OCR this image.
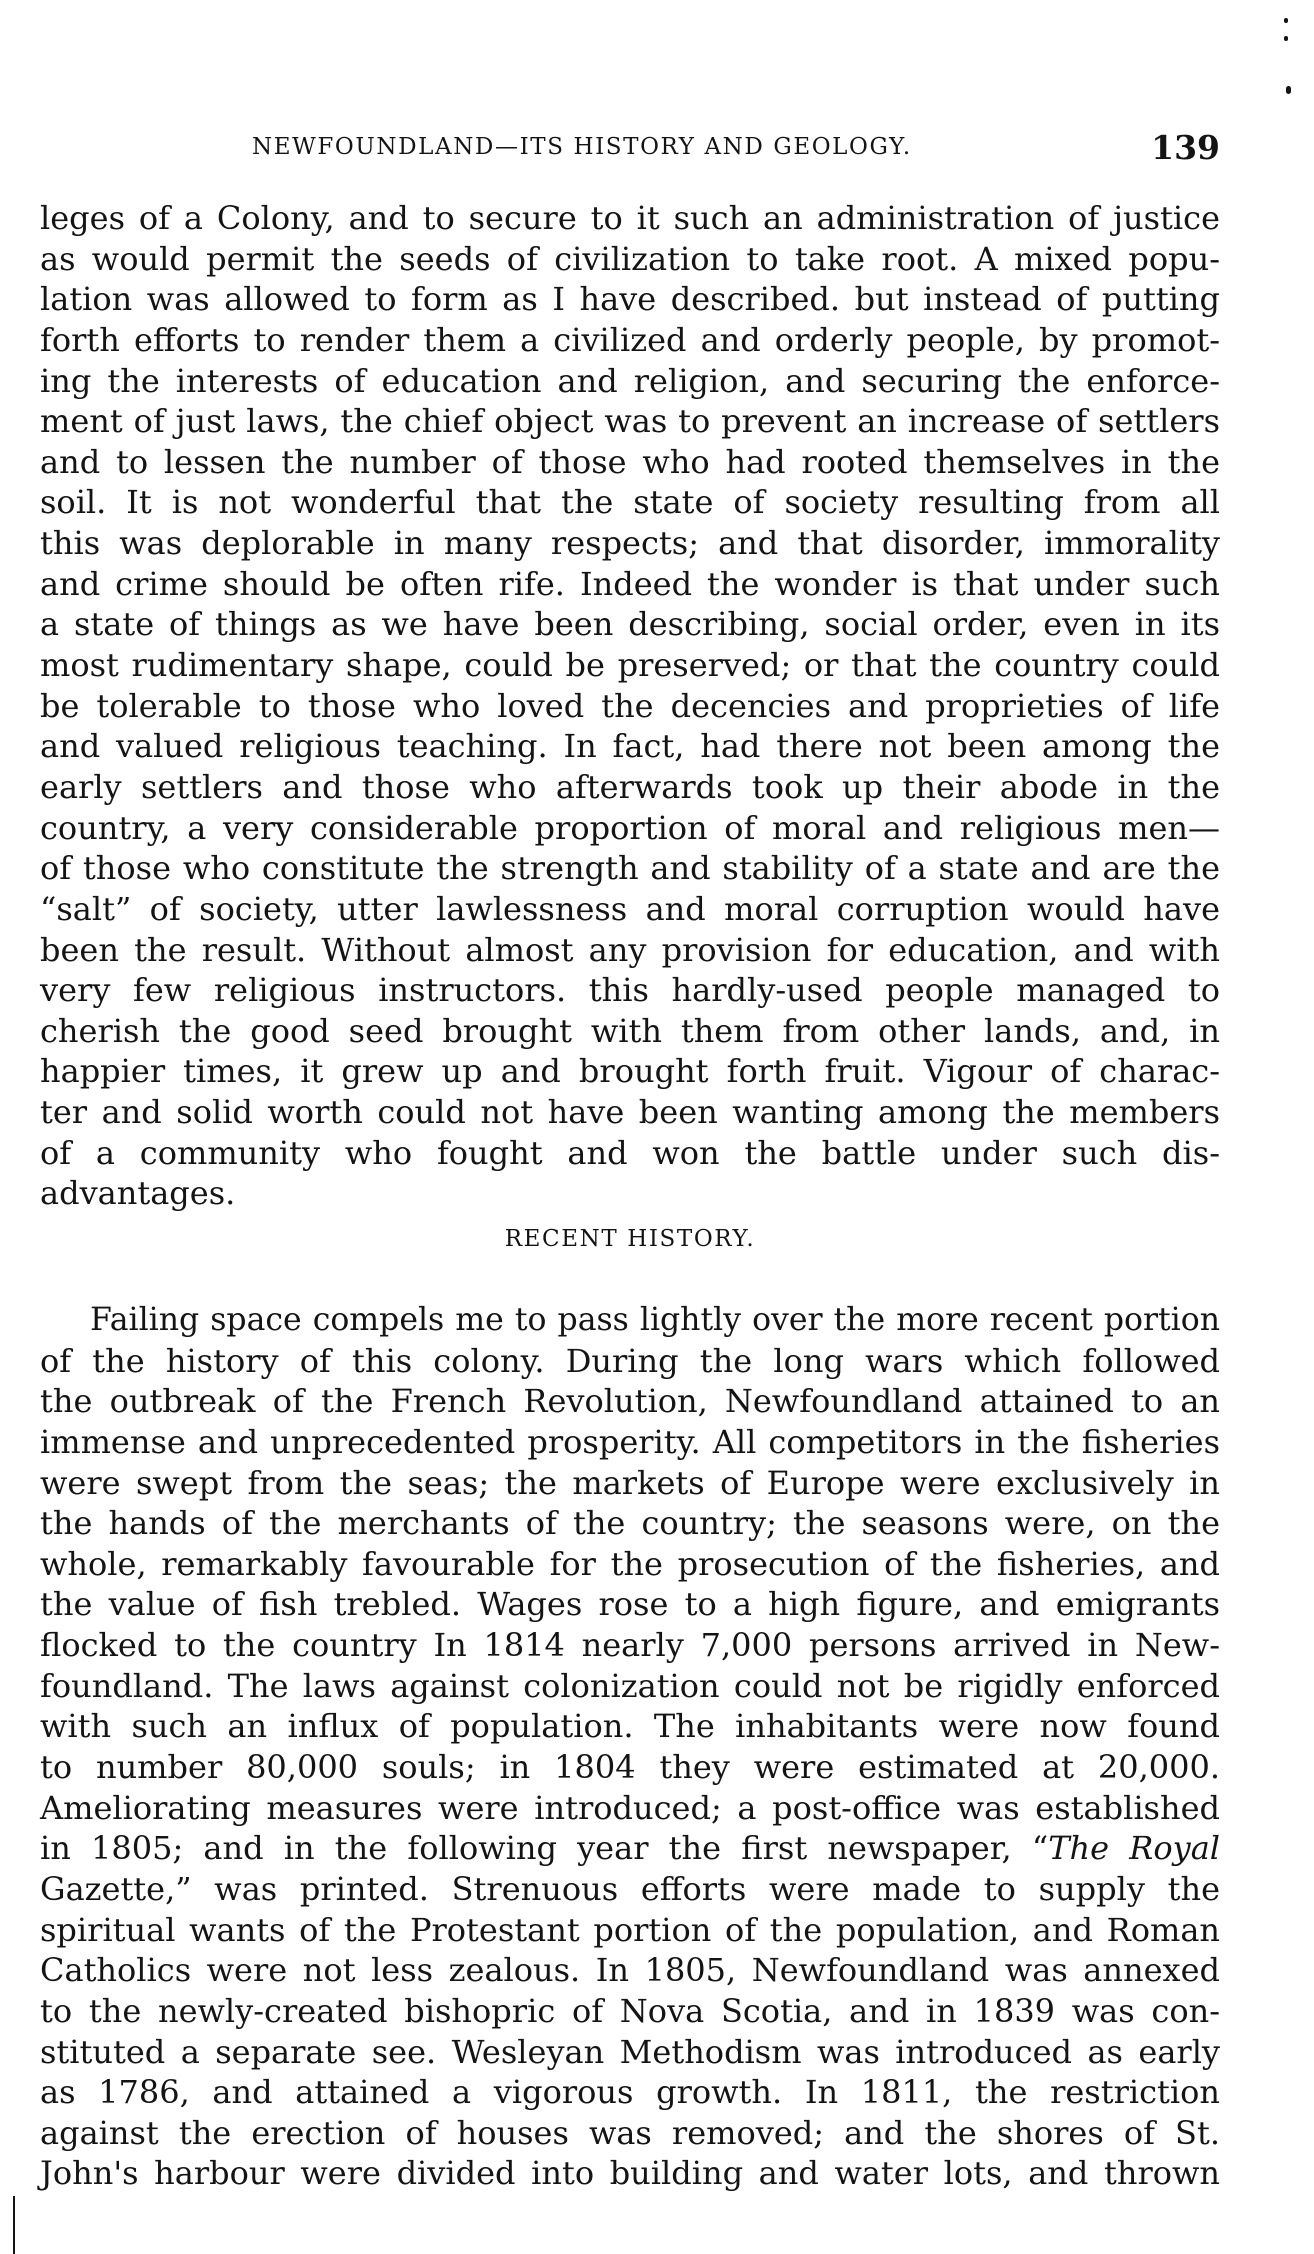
NEWFOUNDLAND—ITS HISTORY AND GEOLOGY.	139
leges of a Colony, and to secure to it such an administration of justice
as would permit the seeds of civilization to take root. A mixed popu-
lation was allowed to form as I have described. but instead of putting
forth efforts to render them a civilized and orderly people, by promot-
ing the interests of education and religion, and securing the enforce-
ment of just laws, the chief object was to prevent an increase of settlers
and to lessen the number of those who had rooted themselves in the
soil. It is not wonderful that the state of society resulting from all
this was deplorable in many respects; and that disorder, immorality
and crime should be often rife. Indeed the wonder is that under such
a state of things as we have been describing, social order, even in its
most rudimentary shape, could be preserved; or that the country could
be tolerable to those who loved the decencies and proprieties of life
and valued religious teaching. In fact, had there not been among the
early settlers and those who afterwards took up their abode in the
country, a very considerable proportion of moral and religious men—
of those who constitute the strength and stability of a state and are the
“salt” of society, utter lawlessness and moral corruption would have
been the result. Without almost any provision for education, and with
very few religious instructors. this hardly-used people managed to
cherish the good seed brought with them from other lands, and, in
happier times, it grew up and brought forth fruit. Vigour of charac-
ter and solid worth could not have been wanting among the members
of a community who fought and won the battle under such dis-
advantages.
RECENT HISTORY.
Failing space compels me to pass lightly over the more recent portion
of the history of this colony. During the long wars which followed
the outbreak of the French Revolution, Newfoundland attained to an
immense and unprecedented prosperity. All competitors in the fisheries
were swept from the seas; the markets of Europe were exclusively in
the hands of the merchants of the country; the seasons were, on the
whole, remarkably favourable for the prosecution of the fisheries, and
the value of fish trebled. Wages rose to a high figure, and emigrants
flocked to the country In 1814 nearly 7,000 persons arrived in New-
foundland. The laws against colonization could not be rigidly enforced
with such an influx of population. The inhabitants were now found
to number 80,000 souls; in 1804 they were estimated at 20,000.
Ameliorating measures were introduced; a post-office was established
in 1805; and in the following year the first newspaper, “The Royal
Gazette,” was printed. Strenuous efforts were made to supply the
spiritual wants of the Protestant portion of the population, and Roman
Catholics were not less zealous. In 1805, Newfoundland was annexed
to the newly-created bishopric of Nova Scotia, and in 1839 was con-
stituted a separate see. Wesleyan Methodism was introduced as early
as 1786, and attained a vigorous growth. In 1811, the restriction
against the erection of houses was removed; and the shores of St.
John's harbour were divided into building and water lots, and thrown
